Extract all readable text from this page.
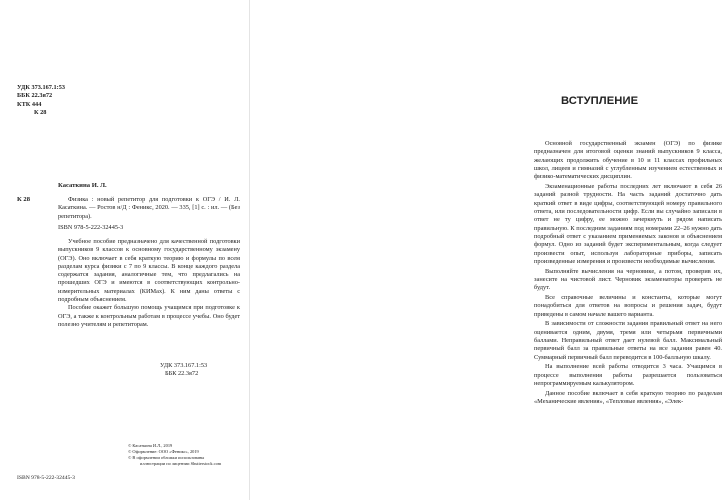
УДК 373.167.1:53
ББК 22.3я72
КТК 444
К 28
Касаткина И. Л.
К 28	Физика : новый репетитор для подготовки к ОГЭ / И. Л. Касаткина. — Ростов н/Д : Феникс, 2020. — 335, [1] с. : ил. — (Без репетитора).

ISBN 978-5-222-32445-3

Учебное пособие предназначено для качественной подготовки выпускников 9 классов к основному государственному экзамену (ОГЭ). Оно включает в себя краткую теорию и формулы по всем разделам курса физики с 7 по 9 классы. В конце каждого раздела содержатся задания, аналогичные тем, что предлагались на прошедших ОГЭ и имеются в соответствующих контрольно-измерительных материалах (КИМах). К ним даны ответы с подробным объяснением.

Пособие окажет большую помощь учащимся при подготовке к ОГЭ, а также к контрольным работам в процессе учебы. Оно будет полезно учителям и репетиторам.

УДК 373.167.1:53
ББК 22.3я72
© Касаткина И.Л., 2019
© Оформление: ООО «Феникс», 2019
© В оформлении обложки использованы
иллюстрации по лицензии Shutterstock.com
ISBN 978-5-222-32445-3
ВСТУПЛЕНИЕ

Основной государственный экзамен (ОГЭ) по физике предназначен для итоговой оценки знаний выпускников 9 класса, желающих продолжить обучение в 10 и 11 классах профильных школ, лицеев и гимназий с углубленным изучением естественных и физико-математических дисциплин.

Экзаменационные работы последних лет включают в себя 26 заданий разной трудности. На часть заданий достаточно дать краткий ответ в виде цифры, соответствующей номеру правильного ответа, или последовательности цифр. Если вы случайно записали в ответ не ту цифру, ее можно зачеркнуть и рядом написать правильную. К последним заданиям под номерами 22–26 нужно дать подробный ответ с указанием применяемых законов и объяснением формул. Одно из заданий будет экспериментальным, когда следует произвести опыт, используя лабораторные приборы, записать произведенные измерения и произвести необходимые вычисления.

Выполняйте вычисления на черновике, а потом, проверив их, занесите на чистовой лист. Черновик экзаменаторы проверять не будут.

Все справочные величины и константы, которые могут понадобиться для ответов на вопросы и решения задач, будут приведены в самом начале вашего варианта.

В зависимости от сложности задания правильный ответ на него оценивается одним, двумя, тремя или четырьмя первичными баллами. Неправильный ответ дает нулевой балл. Максимальный первичный балл за правильные ответы на все задания равен 40. Суммарный первичный балл переводится в 100-балльную шкалу.

На выполнение всей работы отводится 3 часа. Учащимся в процессе выполнения работы разрешается пользоваться непрограммируемым калькулятором.

Данное пособие включает в себя краткую теорию по разделам «Механические явления», «Тепловые явления», «Элек-
